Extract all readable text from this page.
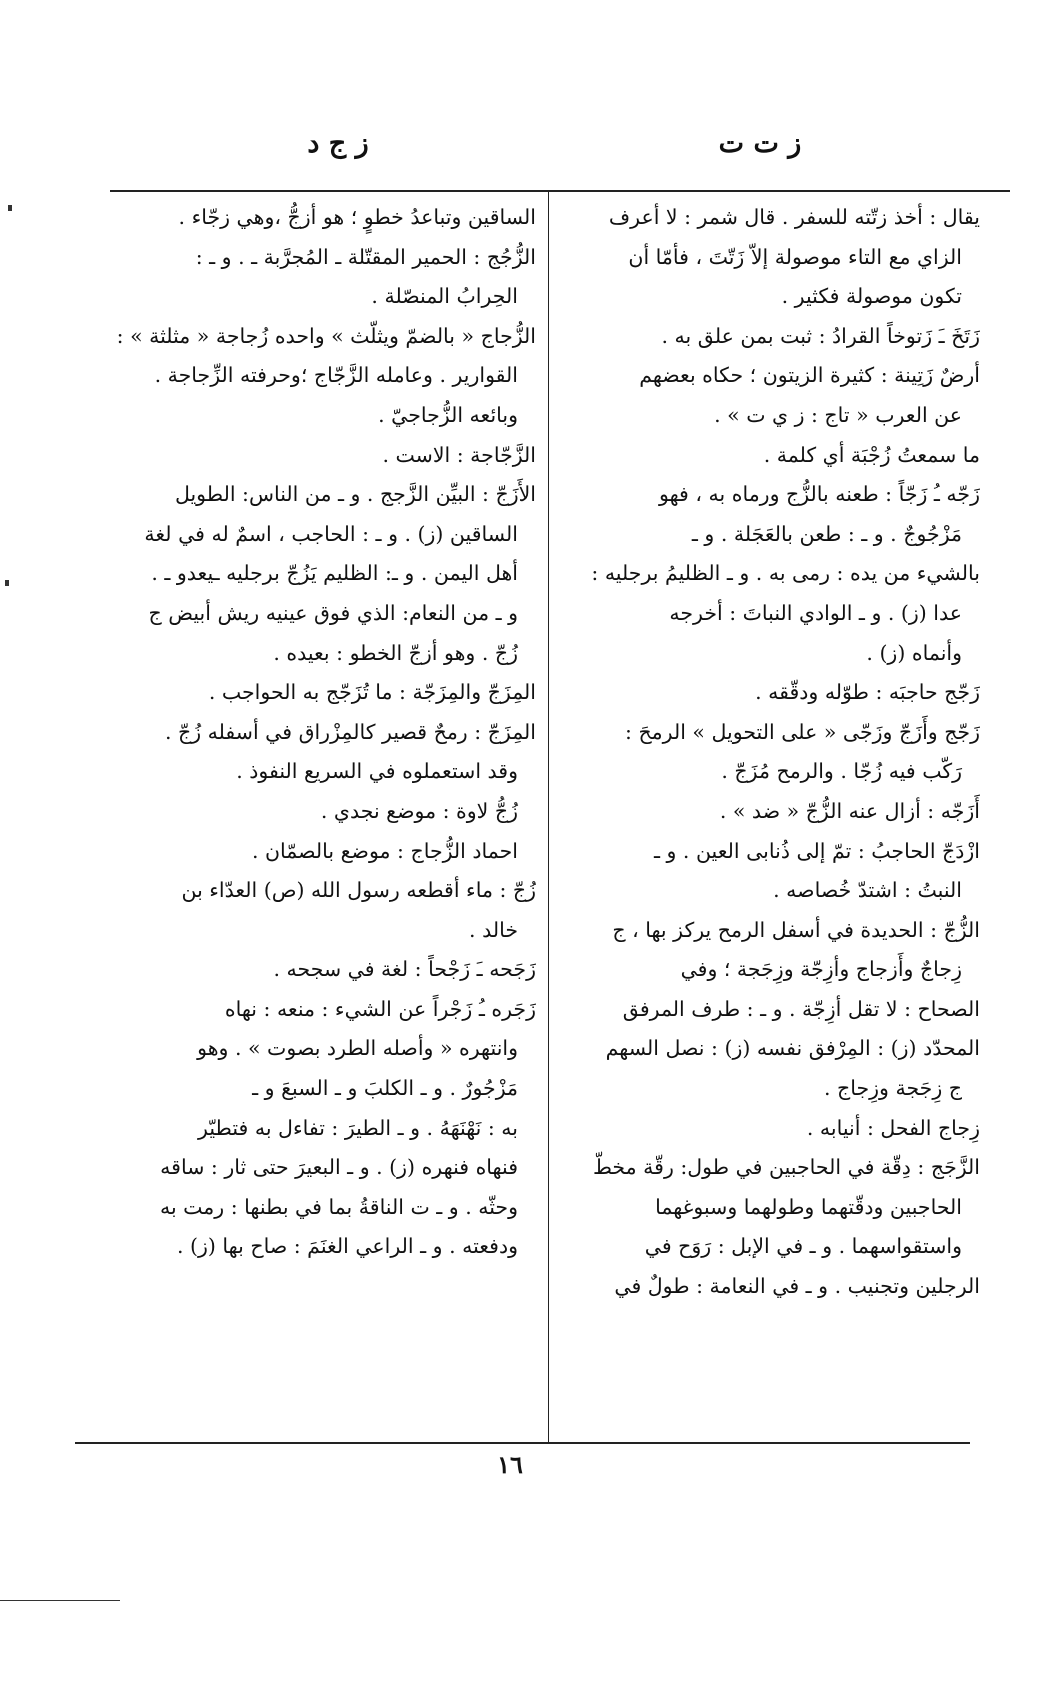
ز ت ت
ز ج د
يقال : أخذ زتّته للسفر . قال شمر : لا أعرف
الزاي مع التاء موصولة إلاّ زَتّتَ ، فأمّا أن
تكون موصولة فكثير .
زَتَخَ ـَ زَتوخاً القرادُ : ثبت بمن علق به .
أرضٌ زَتِينة : كثيرة الزيتون ؛ حكاه بعضهم
عن العرب « تاج : ز ي ت » .
ما سمعتُ زُجْبَة أي كلمة .
زَجّه ـُ زَجّاً : طعنه بالزُّج ورماه به ، فهو
مَزْجُوجٌ . و ـ : طعن بالعَجَلة . و ـ
بالشيء من يده : رمى به . و ـ الظليمُ برجليه :
عدا (ز) . و ـ الوادي النباتَ : أخرجه
وأنماه (ز) .
زَجّج حاجبَه : طوّله ودقّقه .
زَجّج وأَزَجّ وزَجّى « على التحويل » الرمحَ :
رَكّب فيه زُجّا . والرمح مُزَجّ .
أَزَجّه : أزال عنه الزُّجّ « ضد » .
ازْدَجّ الحاجبُ : تمّ إلى ذُنابى العين . و ـ
النبتُ : اشتدّ خُصاصه .
الزُّجّ : الحديدة في أسفل الرمح يركز بها ، ج
زِجاجٌ وأَزجاج وأزِجّة وزِجَجة ؛ وفي
الصحاح : لا تقل أزِجّة . و ـ : طرف المرفق
المحدّد (ز) : المِرْفق نفسه (ز) : نصل السهم
ج زِجَجة وزِجاج .
زِجاج الفحل : أنيابه .
الزَّجَج : دِقّة في الحاجبين في طول: رقّة مخطّ
الحاجبين ودقّتهما وطولهما وسبوغهما
واستقواسهما . و ـ في الإبل : رَوَح في
الرجلين وتجنيب . و ـ في النعامة : طولٌ في
الساقين وتباعدُ خطوٍ ؛ هو أزجُّ ،وهي زجّاء .
الزُّجُج : الحمير المقتّلة ـ المُجرَّبة ـ . و ـ :
الحِرابُ المنصّلة .
الزُّجاج « بالضمّ ويثلّث » واحده زُجاجة « مثلثة » :
القوارير . وعامله الزَّجّاج ؛وحرفته الزِّجاجة .
وبائعه الزُّجاجيّ .
الزَّجّاجة : الاست .
الأَزَجّ : البيِّن الزَّجج . و ـ من الناس: الطويل
الساقين (ز) . و ـ : الحاجب ، اسمٌ له في لغة
أهل اليمن . و ـ: الظليم يَزُجّ برجليه ـيعدو ـ .
و ـ من النعام: الذي فوق عينيه ريش أبيض ج
زُجّ . وهو أزجّ الخطو : بعيده .
المِزَجّ والمِزَجّة : ما تُزَجّج به الحواجب .
المِزَجّ : رمحٌ قصير كالمِزْراق في أسفله زُجّ .
وقد استعملوه في السريع النفوذ .
زُجُّ لاوة : موضع نجدي .
احماد الزُّجاج : موضع بالصمّان .
زُجّ : ماء أقطعه رسول الله (ص) العدّاء بن
خالد .
زَجَحه ـَ زَجْحاً : لغة في سجحه .
زَجَره ـُ زَجْراً عن الشيء : منعه : نهاه
وانتهره « وأصله الطرد بصوت » . وهو
مَزْجُورٌ . و ـ الكلبَ و ـ السبعَ و ـ
به : نَهْنَهَهُ . و ـ الطيرَ : تفاءل به فتطيّر
فنهاه فنهره (ز) . و ـ البعيرَ حتى ثار : ساقه
وحثّه . و ـ ت الناقةُ بما في بطنها : رمت به
ودفعته . و ـ الراعي الغنَمَ : صاح بها (ز) .
١٦
